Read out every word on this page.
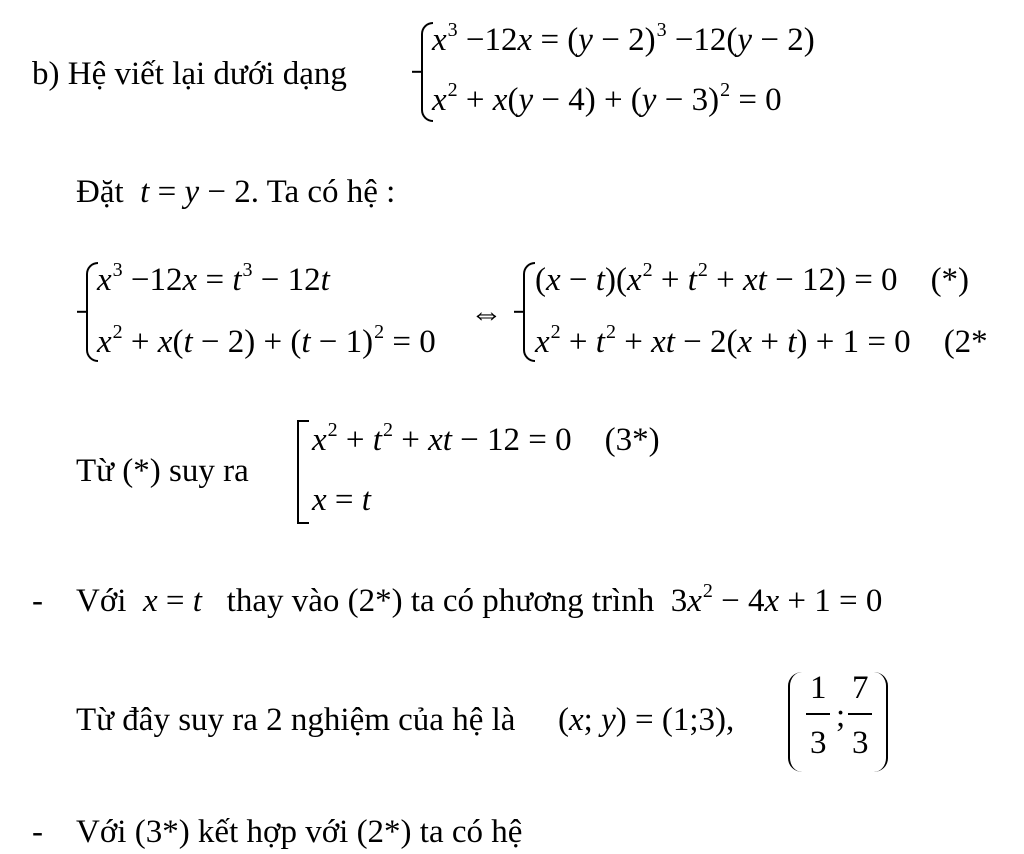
b) Hệ viết lại dưới dạng
$x^3 -12x = (y - 2)^3 -12(y - 2)$
$x^2 + x(y - 4) + (y - 3)^2 = 0$
Đặt t = y − 2. Ta có hệ :
$x^3 -12x = t^3 - 12t$
$x^2 + x(t - 2) + (t - 1)^2 = 0$
⇔
$(x - t)(x^2 + t^2$ + xt − 12) = 0    (*)
$x^2 + t^2$ + xt − 2(x + t) + 1 = 0    (2*
Từ (*) suy ra
$x^2 + t^2$ + xt − 12 = 0    (3*)
x = t
- Với x = t thay vào (2*) ta có phương trình  $3x^2 - 4x + 1 = 0$
Từ đây suy ra 2 nghiệm của hệ là (x; y) = (1;3),
1
3
;
7
3
- Với (3*) kết hợp với (2*) ta có hệ
